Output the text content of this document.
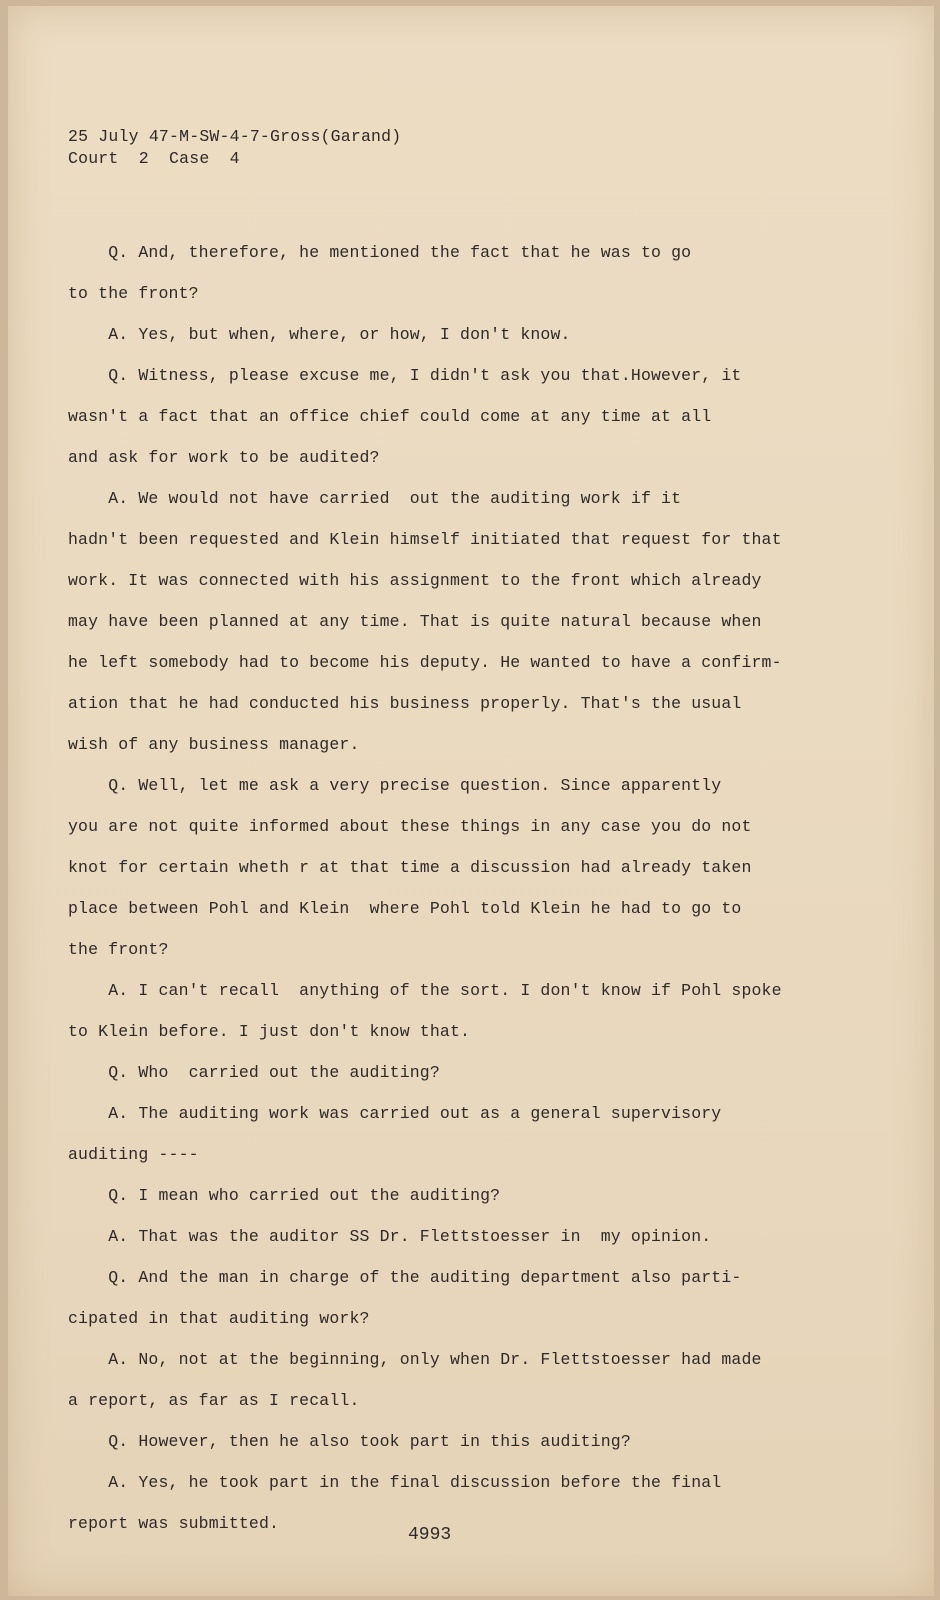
25 July 47-M-SW-4-7-Gross(Garand)
Court  2  Case  4

Q. And, therefore, he mentioned the fact that he was to go

to the front?

A. Yes, but when, where, or how, I don't know.

Q. Witness, please excuse me, I didn't ask you that.However, it

wasn't a fact that an office chief could come at any time at all

and ask for work to be audited?

A. We would not have carried  out the auditing work if it

hadn't been requested and Klein himself initiated that request for that

work. It was connected with his assignment to the front which already

may have been planned at any time. That is quite natural because when

he left somebody had to become his deputy. He wanted to have a confirm-

ation that he had conducted his business properly. That's the usual

wish of any business manager.

Q. Well, let me ask a very precise question. Since apparently

you are not quite informed about these things in any case you do not

knot for certain wheth r at that time a discussion had already taken

place between Pohl and Klein  where Pohl told Klein he had to go to

the front?

A. I can't recall  anything of the sort. I don't know if Pohl spoke

to Klein before. I just don't know that.

Q. Who  carried out the auditing?

A. The auditing work was carried out as a general supervisory

auditing ----

Q. I mean who carried out the auditing?

A. That was the auditor SS Dr. Flettstoesser in  my opinion.

Q. And the man in charge of the auditing department also parti-

cipated in that auditing work?

A. No, not at the beginning, only when Dr. Flettstoesser had made

a report, as far as I recall.

Q. However, then he also took part in this auditing?

A. Yes, he took part in the final discussion before the final

report was submitted.

4993
